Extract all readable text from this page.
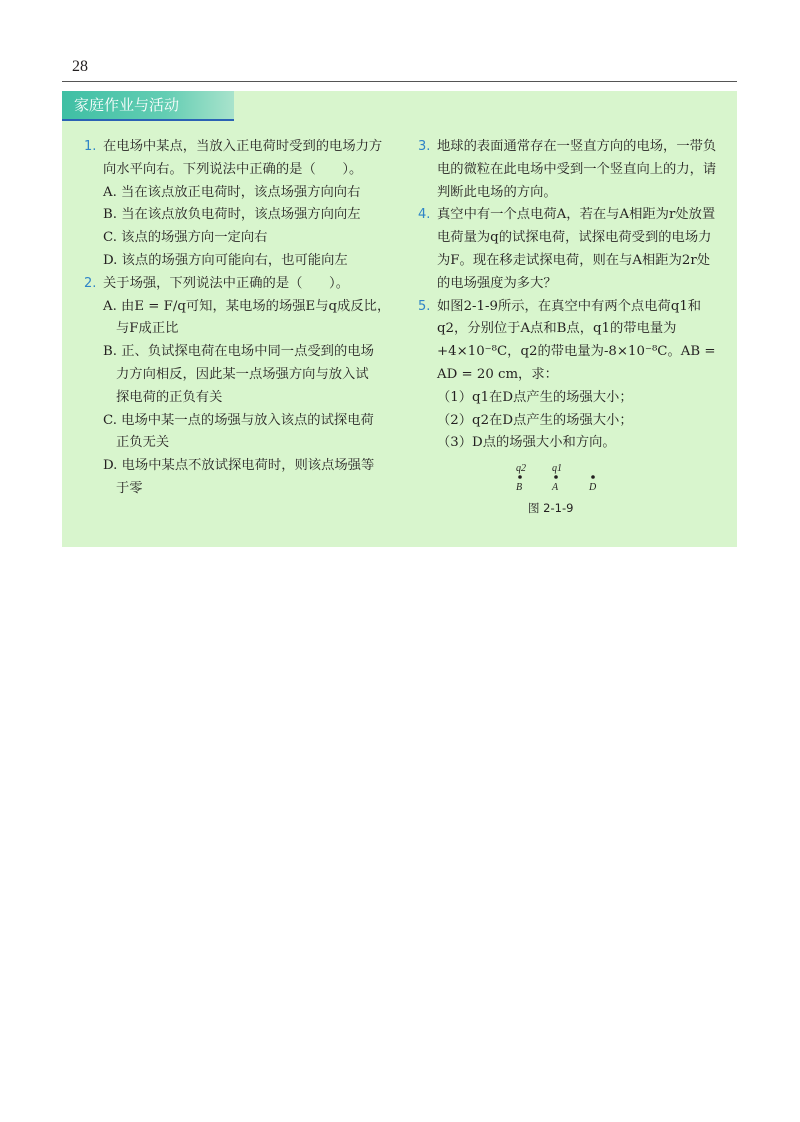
28
家庭作业与活动
1. 在电场中某点，当放入正电荷时受到的电场力方向水平向右。下列说法中正确的是（　　）。
A. 当在该点放正电荷时，该点场强方向向右
B. 当在该点放负电荷时，该点场强方向向左
C. 该点的场强方向一定向右
D. 该点的场强方向可能向右，也可能向左
2. 关于场强，下列说法中正确的是（　　）。
A. 由E = F/q可知，某电场的场强E与q成反比，
与F成正比
B. 正、负试探电荷在电场中同一点受到的电场
力方向相反，因此某一点场强方向与放入试
探电荷的正负有关
C. 电场中某一点的场强与放入该点的试探电荷
正负无关
D. 电场中某点不放试探电荷时，则该点场强等
于零
3. 地球的表面通常存在一竖直方向的电场，一带负电的微粒在此电场中受到一个竖直向上的力，请判断此电场的方向。
4. 真空中有一个点电荷A，若在与A相距为r处放置电荷量为q的试探电荷，试探电荷受到的电场力为F。现在移走试探电荷，则在与A相距为2r处的电场强度为多大？
5. 如图2-1-9所示，在真空中有两个点电荷q1和q2，分别位于A点和B点，q1的带电量为
+4×10⁻⁸C，q2的带电量为-8×10⁻⁸C。AB = AD = 20 cm，求：
（1）q1在D点产生的场强大小；
（2）q2在D点产生的场强大小；
（3）D点的场强大小和方向。
q2	q1
B	A	D
图 2-1-9
